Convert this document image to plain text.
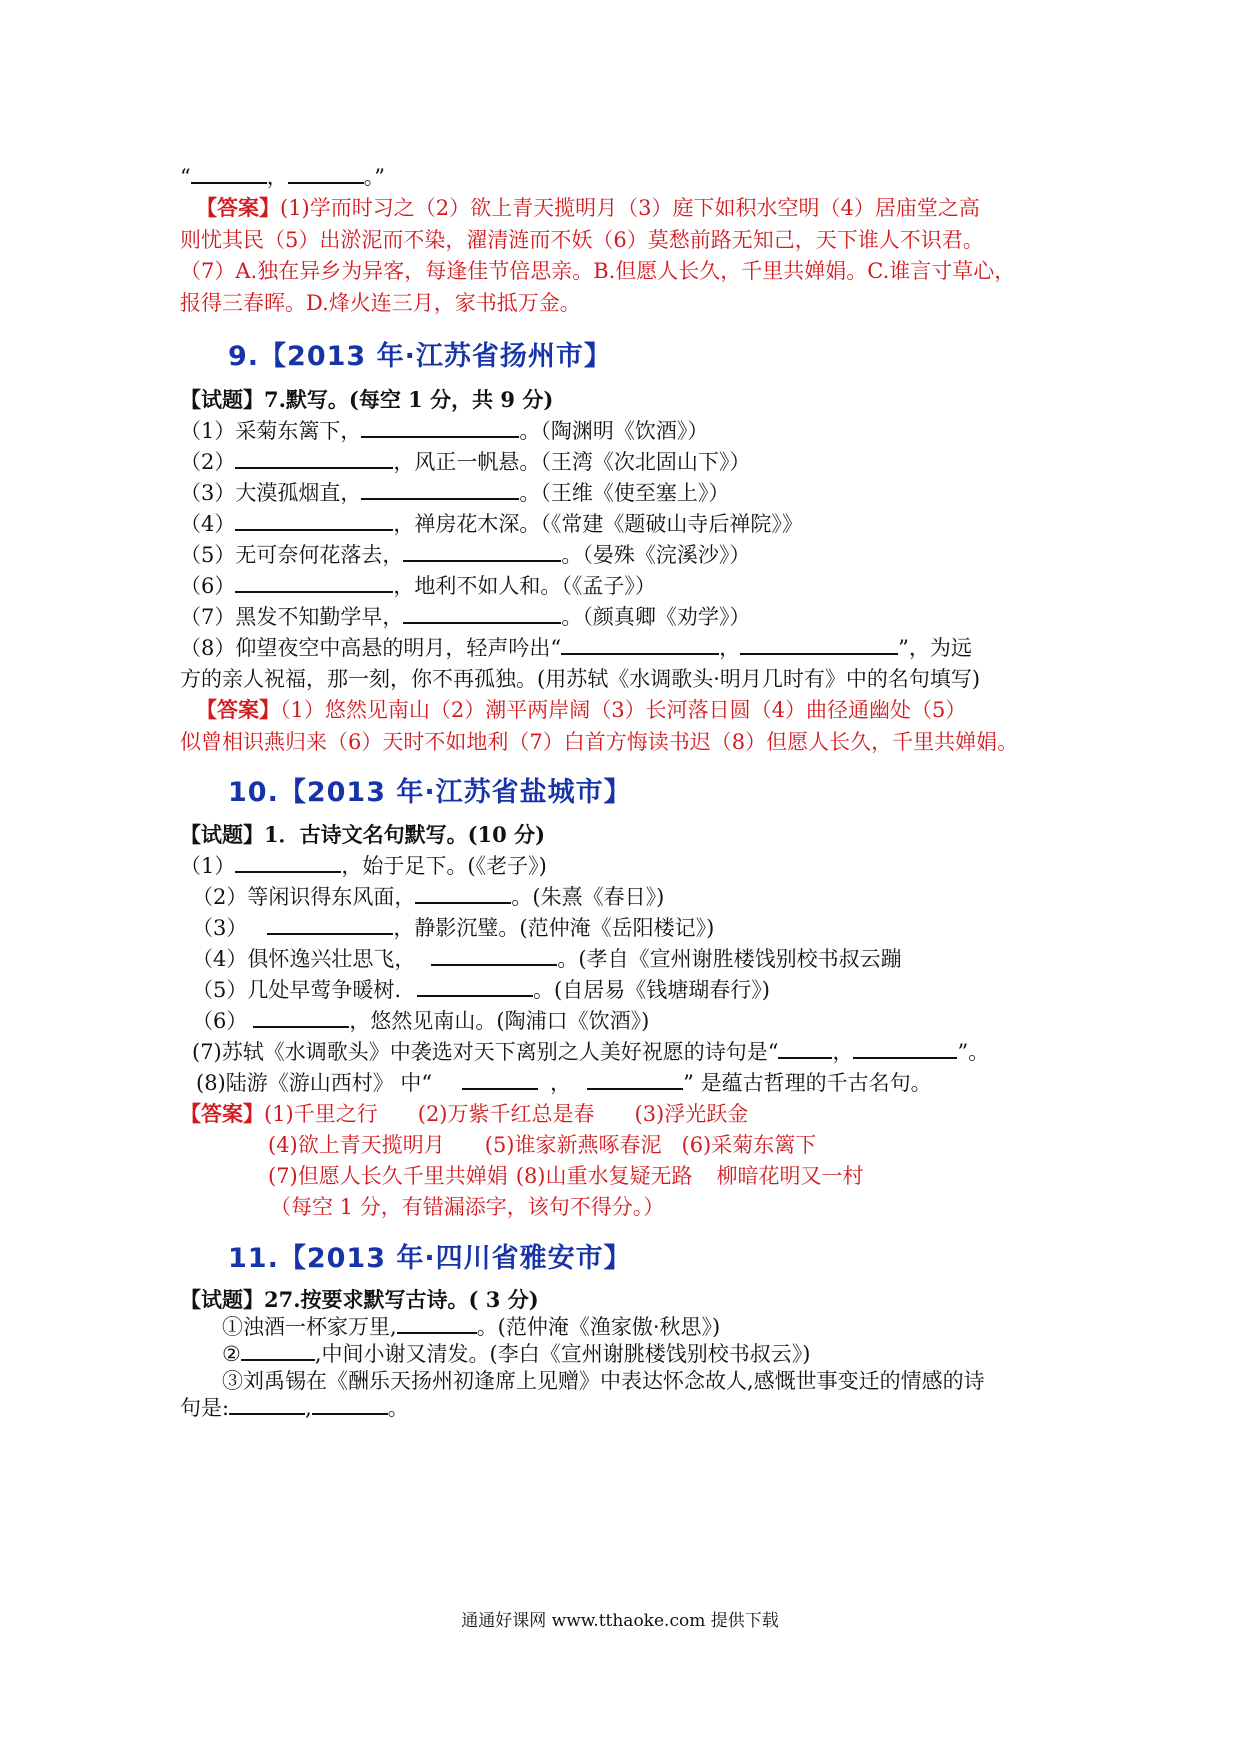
“	，	。”
【答案】(1)学而时习之（2）欲上青天揽明月（3）庭下如积水空明（4）居庙堂之高
则忧其民（5）出淤泥而不染，濯清涟而不妖（6）莫愁前路无知己，天下谁人不识君。
（7）A.独在异乡为异客，每逢佳节倍思亲。B.但愿人长久，千里共婵娟。C.谁言寸草心，
报得三春晖。D.烽火连三月，家书抵万金。
9.【2013 年·江苏省扬州市】
【试题】7.默写。(每空 1 分，共 9 分)
（1）采菊东篱下，	。（陶渊明《饮酒》）
（2）	，风正一帆悬。（王湾《次北固山下》）
（3）大漠孤烟直，	。（王维《使至塞上》）
（4）	，禅房花木深。（《常建《题破山寺后禅院》》
（5）无可奈何花落去，	。（晏殊《浣溪沙》）
（6）	，地利不如人和。（《孟子》）
（7）黑发不知勤学早，	。（颜真卿《劝学》）
（8）仰望夜空中高悬的明月，轻声吟出“	，	”，为远
方的亲人祝福，那一刻，你不再孤独。(用苏轼《水调歌头·明月几时有》中的名句填写)
【答案】（1）悠然见南山（2）潮平两岸阔（3）长河落日圆（4）曲径通幽处（5）
似曾相识燕归来（6）天时不如地利（7）白首方悔读书迟（8）但愿人长久，千里共婵娟。
10.【2013 年·江苏省盐城市】
【试题】1．古诗文名句默写。(10 分)
（1）	，始于足下。(《老子》)
（2）等闲识得东风面，	。(朱熹《春日》)
（3）	，静影沉璧。(范仲淹《岳阳楼记》)
（4）俱怀逸兴壮思飞，	。(孝自《宣州谢胜楼饯别校书叔云蹦
（5）几处早莺争暖树.	。(自居易《钱塘瑚春行》)
（6）	，悠然见南山。(陶浦口《饮酒》)
(7)苏轼《水调歌头》中袭选对天下离别之人美好祝愿的诗句是“	，	”。
(8)陆游《游山西村》 中“	，	” 是蕴古哲理的千古名句。
【答案】(1)千里之行 (2)万紫千红总是春 (3)浮光跃金
(4)欲上青天揽明月 (5)谁家新燕啄春泥 (6)采菊东篱下
(7)但愿人长久千里共婵娟 (8)山重水复疑无路 柳暗花明又一村
（每空 1 分，有错漏添字，该句不得分。）
11.【2013 年·四川省雅安市】
【试题】27.按要求默写古诗。( 3 分)
①浊酒一杯家万里,	。(范仲淹《渔家傲·秋思》)
②	,中间小谢又清发。(李白《宣州谢朓楼饯别校书叔云》)
③刘禹锡在《酬乐天扬州初逢席上见赠》中表达怀念故人,感慨世事变迁的情感的诗
句是:	,	。
通通好课网 www.tthaoke.com 提供下载
